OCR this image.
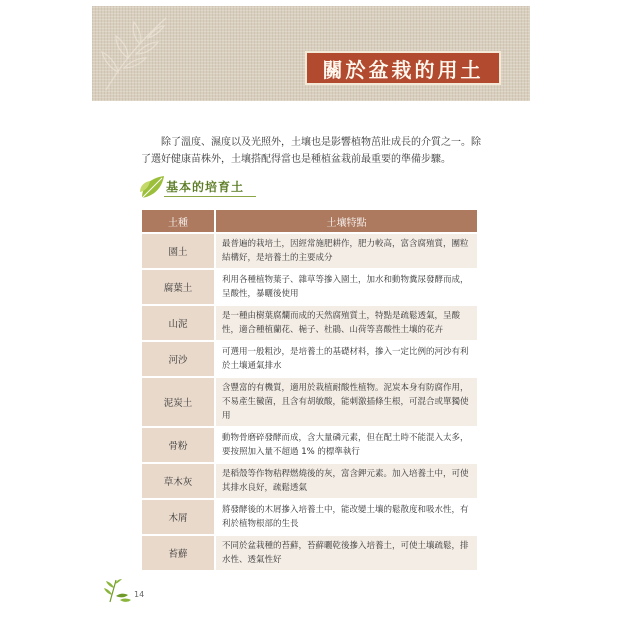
關於盆栽的用土

除了溫度、濕度以及光照外，土壤也是影響植物茁壯成長的介質之一。除了選好健康苗株外，土壤搭配得當也是種植盆栽前最重要的準備步驟。

基本的培育土
土種	土壤特點
園土	最普遍的栽培土，因經常施肥耕作，肥力較高，富含腐殖質，團粒結構好，是培養土的主要成分
腐葉土	利用各種植物葉子、雜草等摻入園土，加水和動物糞尿發酵而成，呈酸性，暴曬後使用
山泥	是一種由樹葉腐爛而成的天然腐殖質土，特點是疏鬆透氣，呈酸性，適合種植蘭花、梔子、杜鵑、山荷等喜酸性土壤的花卉
河沙	可選用一般粗沙，是培養土的基礎材料，摻入一定比例的河沙有利於土壤通氣排水
泥炭土	含豐富的有機質，適用於栽植耐酸性植物。泥炭本身有防腐作用，不易產生黴菌，且含有胡敏酸，能刺激插條生根，可混合或單獨使用
骨粉	動物骨磨碎發酵而成，含大量磷元素，但在配土時不能混入太多，要按照加入量不超過 1% 的標準執行
草木灰	是稻殼等作物秸稈燃燒後的灰，富含鉀元素。加入培養土中，可使其排水良好，疏鬆透氣
木屑	將發酵後的木屑摻入培養土中，能改變土壤的鬆散度和吸水性，有利於植物根部的生長
苔蘚	不同於盆栽種的苔蘚，苔蘚曬乾後摻入培養土，可使土壤疏鬆，排水性、透氣性好
14
